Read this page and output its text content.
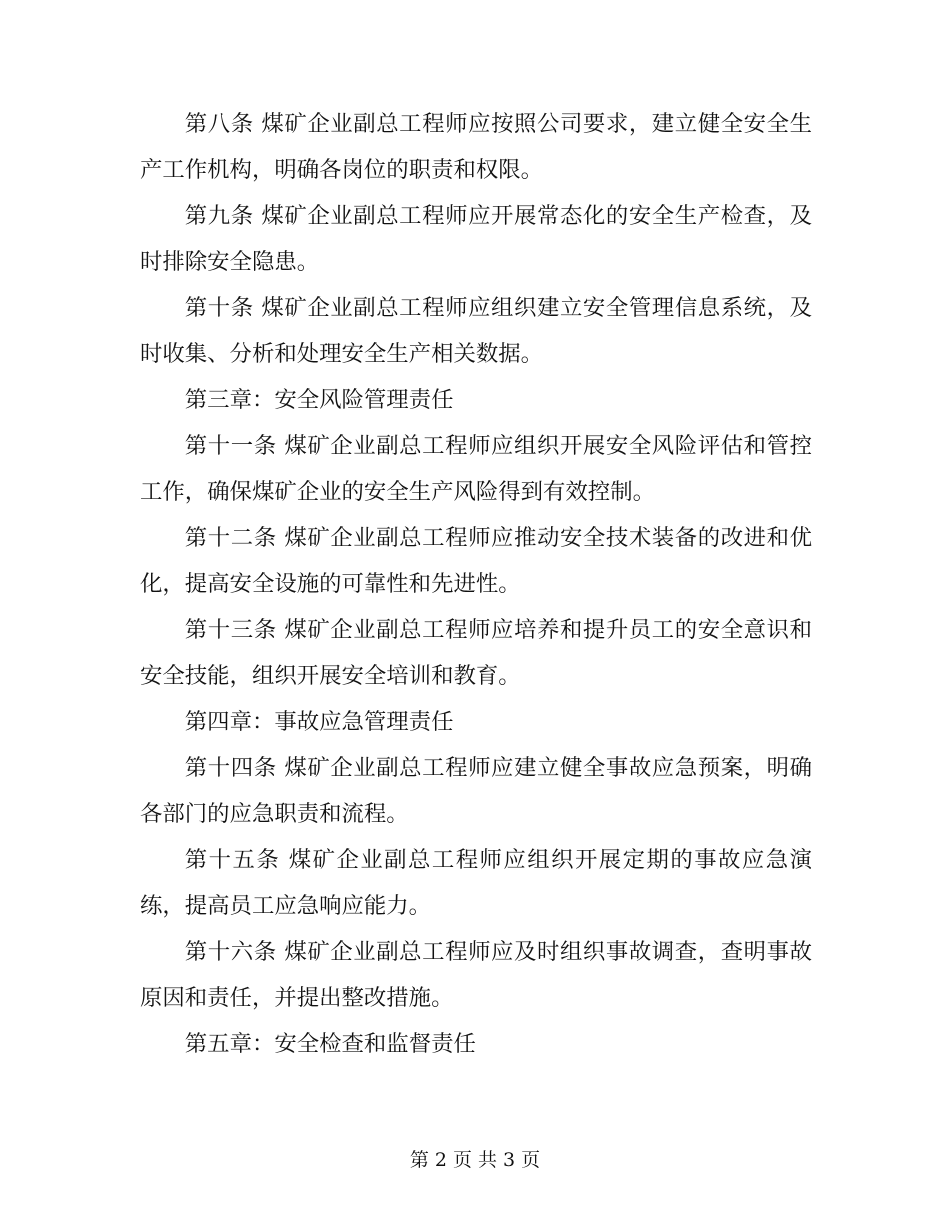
第八条 煤矿企业副总工程师应按照公司要求，建立健全安全生产工作机构，明确各岗位的职责和权限。

第九条 煤矿企业副总工程师应开展常态化的安全生产检查，及时排除安全隐患。

第十条 煤矿企业副总工程师应组织建立安全管理信息系统，及时收集、分析和处理安全生产相关数据。

第三章：安全风险管理责任

第十一条 煤矿企业副总工程师应组织开展安全风险评估和管控工作，确保煤矿企业的安全生产风险得到有效控制。

第十二条 煤矿企业副总工程师应推动安全技术装备的改进和优化，提高安全设施的可靠性和先进性。

第十三条 煤矿企业副总工程师应培养和提升员工的安全意识和安全技能，组织开展安全培训和教育。

第四章：事故应急管理责任

第十四条 煤矿企业副总工程师应建立健全事故应急预案，明确各部门的应急职责和流程。

第十五条 煤矿企业副总工程师应组织开展定期的事故应急演练，提高员工应急响应能力。

第十六条 煤矿企业副总工程师应及时组织事故调查，查明事故原因和责任，并提出整改措施。

第五章：安全检查和监督责任

第 2 页 共 3 页
